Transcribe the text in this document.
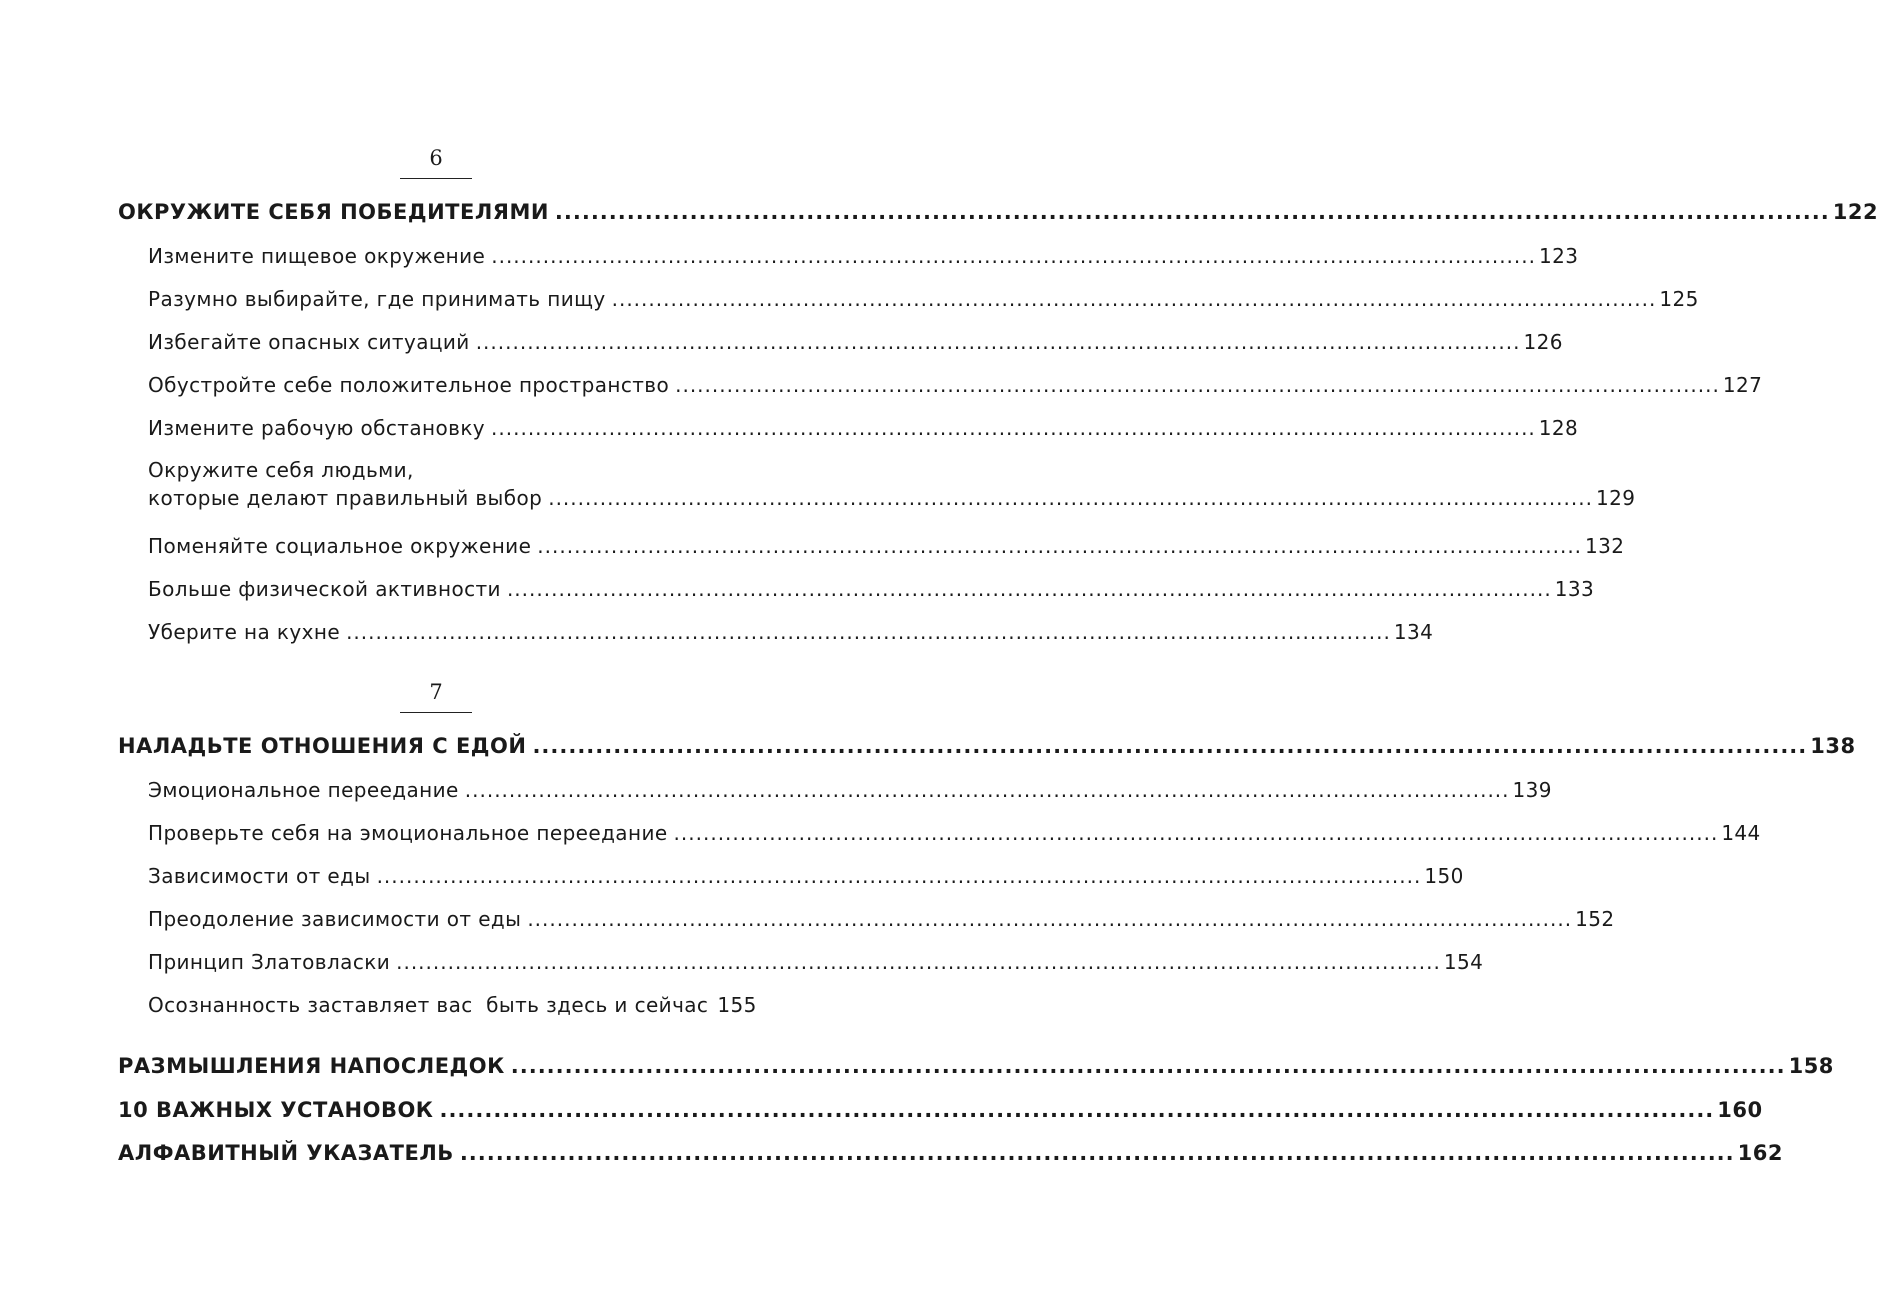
6
ОКРУЖИТЕ СЕБЯ ПОБЕДИТЕЛЯМИ .....	122
Измените пищевое окружение .....	123
Разумно выбирайте, где принимать пищу .....	125
Избегайте опасных ситуаций .....	126
Обустройте себе положительное пространство .....	127
Измените рабочую обстановку .....	128
Окружите себя людьми,
которые делают правильный выбор .....	129
Поменяйте социальное окружение .....	132
Больше физической активности .....	133
Уберите на кухне .....	134
7
НАЛАДЬТЕ ОТНОШЕНИЯ С ЕДОЙ .....	138
Эмоциональное переедание .....	139
Проверьте себя на эмоциональное переедание .....	144
Зависимости от еды .....	150
Преодоление зависимости от еды .....	152
Принцип Златовласки .....	154
Осознанность заставляет вас  быть здесь и сейчас 155
РАЗМЫШЛЕНИЯ НАПОСЛЕДОК .....	158
10 ВАЖНЫХ УСТАНОВОК .....	160
АЛФАВИТНЫЙ УКАЗАТЕЛЬ .....	162
